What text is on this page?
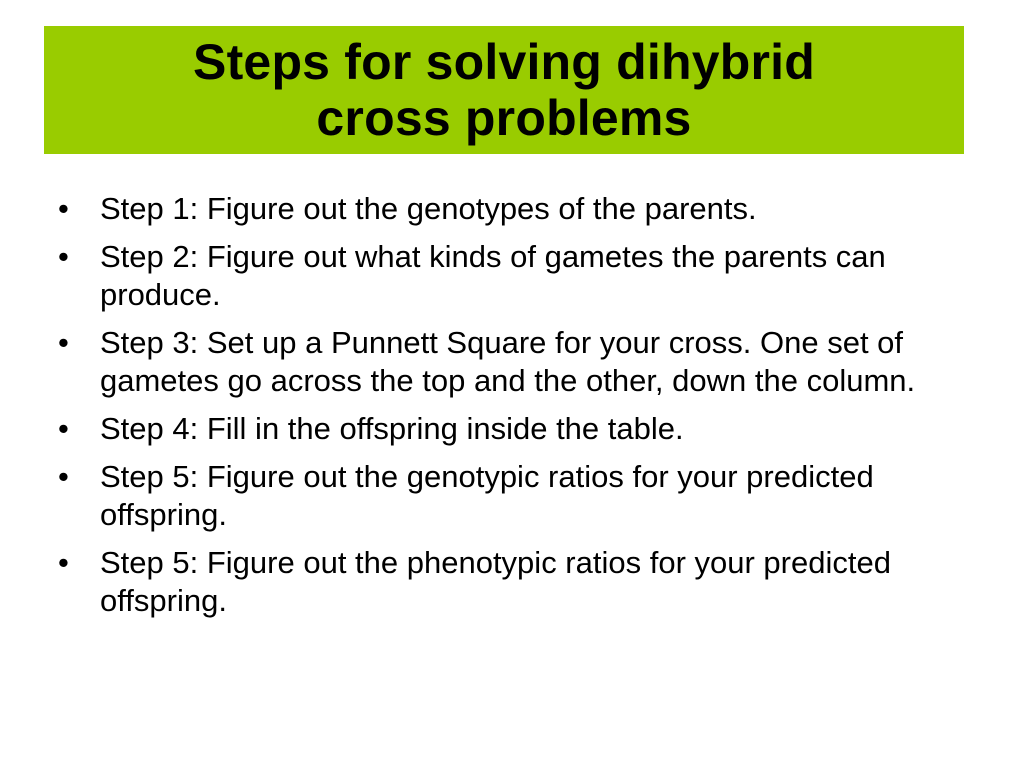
Steps for solving dihybrid
cross problems
•	Step 1: Figure out the genotypes of the parents.
•	Step 2: Figure out what kinds of gametes the parents can produce.
•	Step 3: Set up a Punnett Square for your cross. One set of gametes go across the top and the other, down the column.
•	Step 4: Fill in the offspring inside the table.
•	Step 5: Figure out the genotypic ratios for your predicted offspring.
•	Step 5: Figure out the phenotypic ratios for your predicted offspring.
